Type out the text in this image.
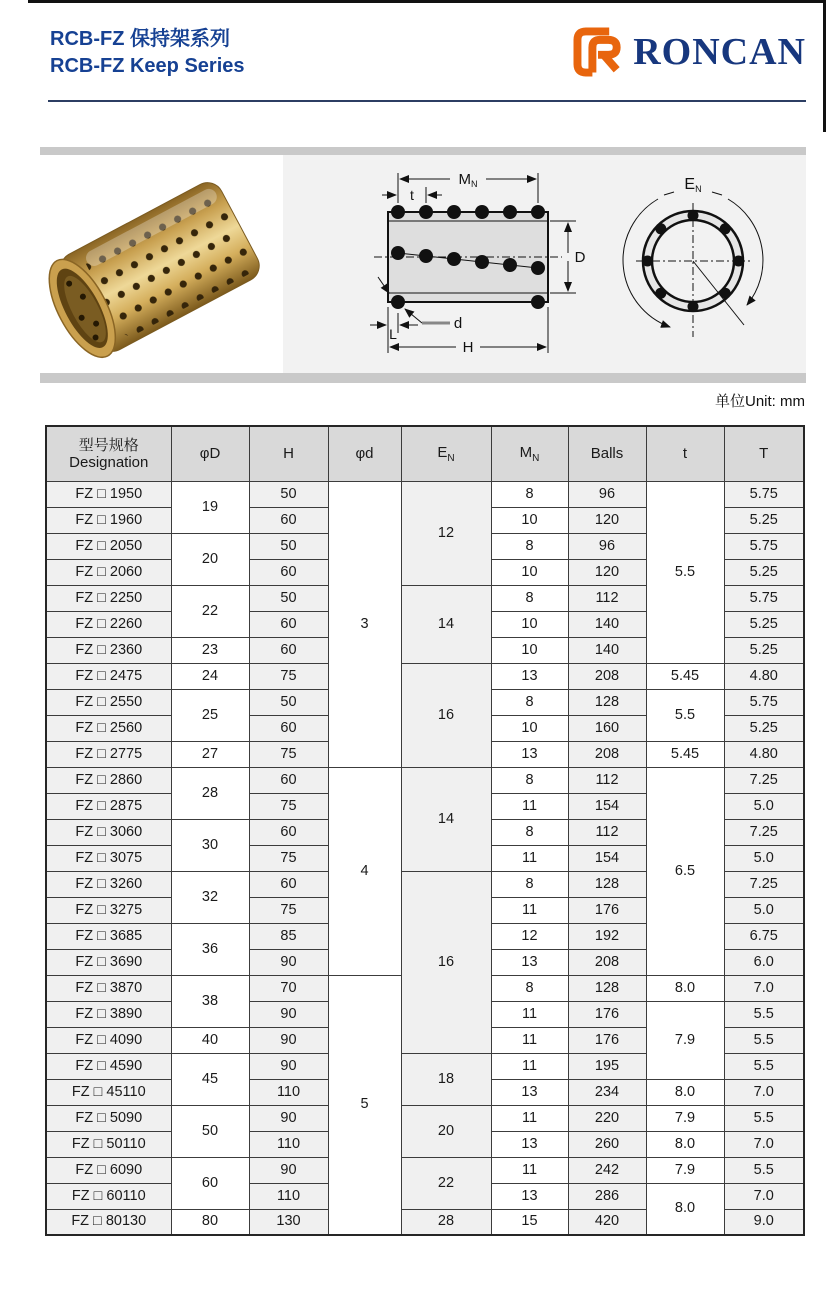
RCB-FZ 保持架系列
RCB-FZ Keep Series	RONCAN
$M_N$
t
D
H
L
d
EN
单位Unit: mm
型号规格
Designation	φD	H	φd	$E_N$	$M_N$	Balls	t	T
FZ □ 1950	19	50	3	12	8	96	5.5	5.75
FZ □ 1960		60			10	120		5.25
FZ □ 2050	20	50			8	96		5.75
FZ □ 2060		60			10	120		5.25
FZ □ 2250	22	50		14	8	112		5.75
FZ □ 2260		60			10	140		5.25
FZ □ 2360	23	60			10	140		5.25
FZ □ 2475	24	75		16	13	208	5.45	4.80
FZ □ 2550	25	50			8	128	5.5	5.75
FZ □ 2560		60			10	160		5.25
FZ □ 2775	27	75			13	208	5.45	4.80
FZ □ 2860	28	60	4	14	8	112	6.5	7.25
FZ □ 2875		75			11	154		5.0
FZ □ 3060	30	60			8	112		7.25
FZ □ 3075		75			11	154		5.0
FZ □ 3260	32	60		16	8	128		7.25
FZ □ 3275		75			11	176		5.0
FZ □ 3685	36	85			12	192		6.75
FZ □ 3690		90			13	208		6.0
FZ □ 3870	38	70	5		8	128	8.0	7.0
FZ □ 3890		90			11	176	7.9	5.5
FZ □ 4090	40	90			11	176		5.5
FZ □ 4590	45	90		18	11	195		5.5
FZ □ 45110		110			13	234	8.0	7.0
FZ □ 5090	50	90		20	11	220	7.9	5.5
FZ □ 50110		110			13	260	8.0	7.0
FZ □ 6090	60	90		22	11	242	7.9	5.5
FZ □ 60110		110			13	286	8.0	7.0
FZ □ 80130	80	130		28	15	420		9.0
